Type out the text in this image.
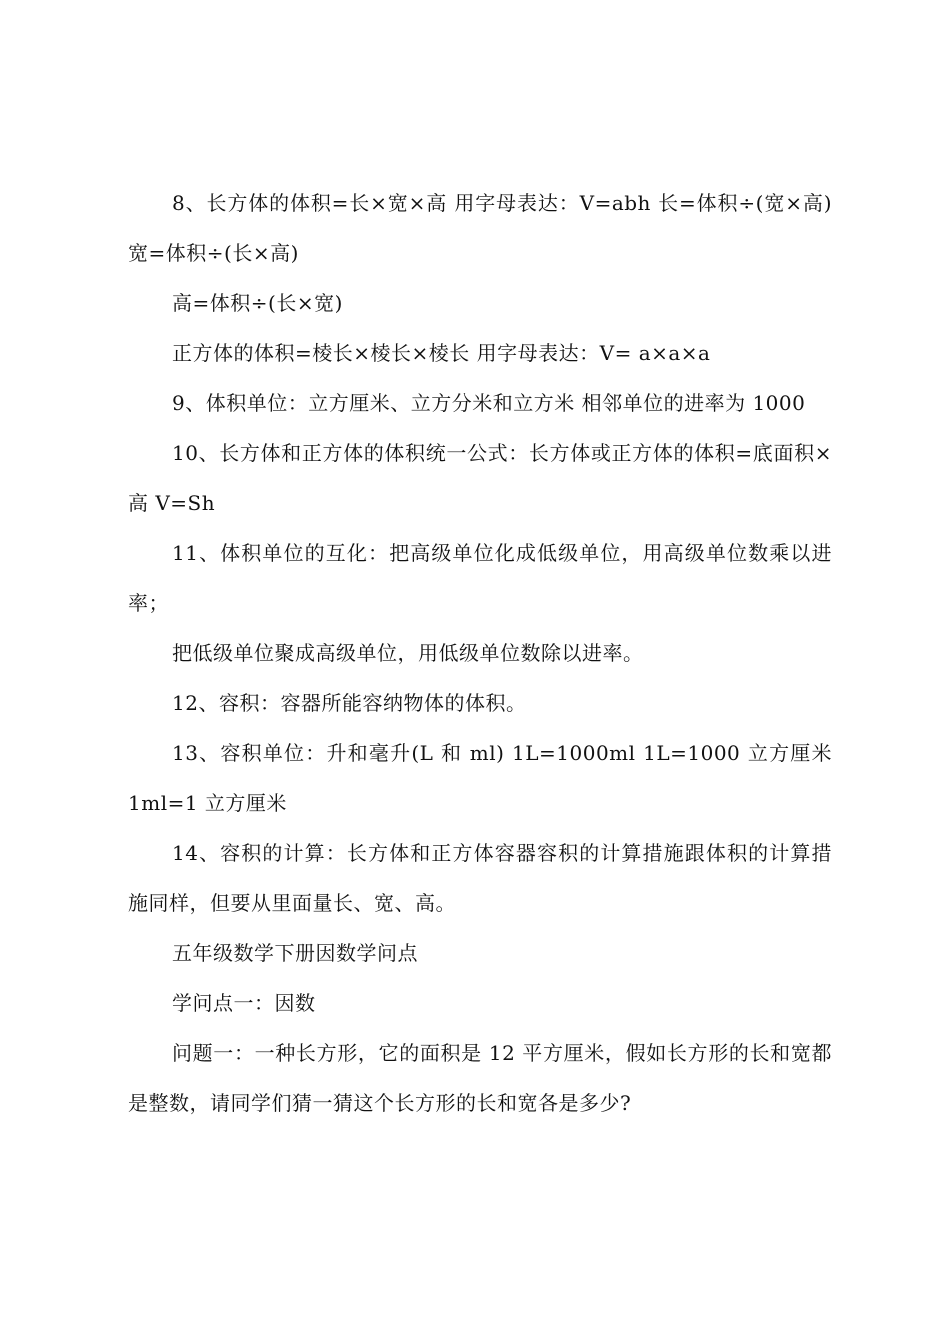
8、长方体的体积=长×宽×高 用字母表达：V=abh 长=体积÷(宽×高) 宽=体积÷(长×高)

高=体积÷(长×宽)

正方体的体积=棱长×棱长×棱长 用字母表达：V= a×a×a

9、体积单位：立方厘米、立方分米和立方米 相邻单位的进率为 1000

10、长方体和正方体的体积统一公式：长方体或正方体的体积=底面积×高 V=Sh

11、体积单位的互化：把高级单位化成低级单位，用高级单位数乘以进率；

把低级单位聚成高级单位，用低级单位数除以进率。

12、容积：容器所能容纳物体的体积。

13、容积单位：升和毫升(L 和 ml) 1L=1000ml 1L=1000 立方厘米 1ml=1 立方厘米

14、容积的计算：长方体和正方体容器容积的计算措施跟体积的计算措施同样，但要从里面量长、宽、高。

五年级数学下册因数学问点

学问点一：因数

问题一：一种长方形，它的面积是 12 平方厘米，假如长方形的长和宽都是整数，请同学们猜一猜这个长方形的长和宽各是多少?
